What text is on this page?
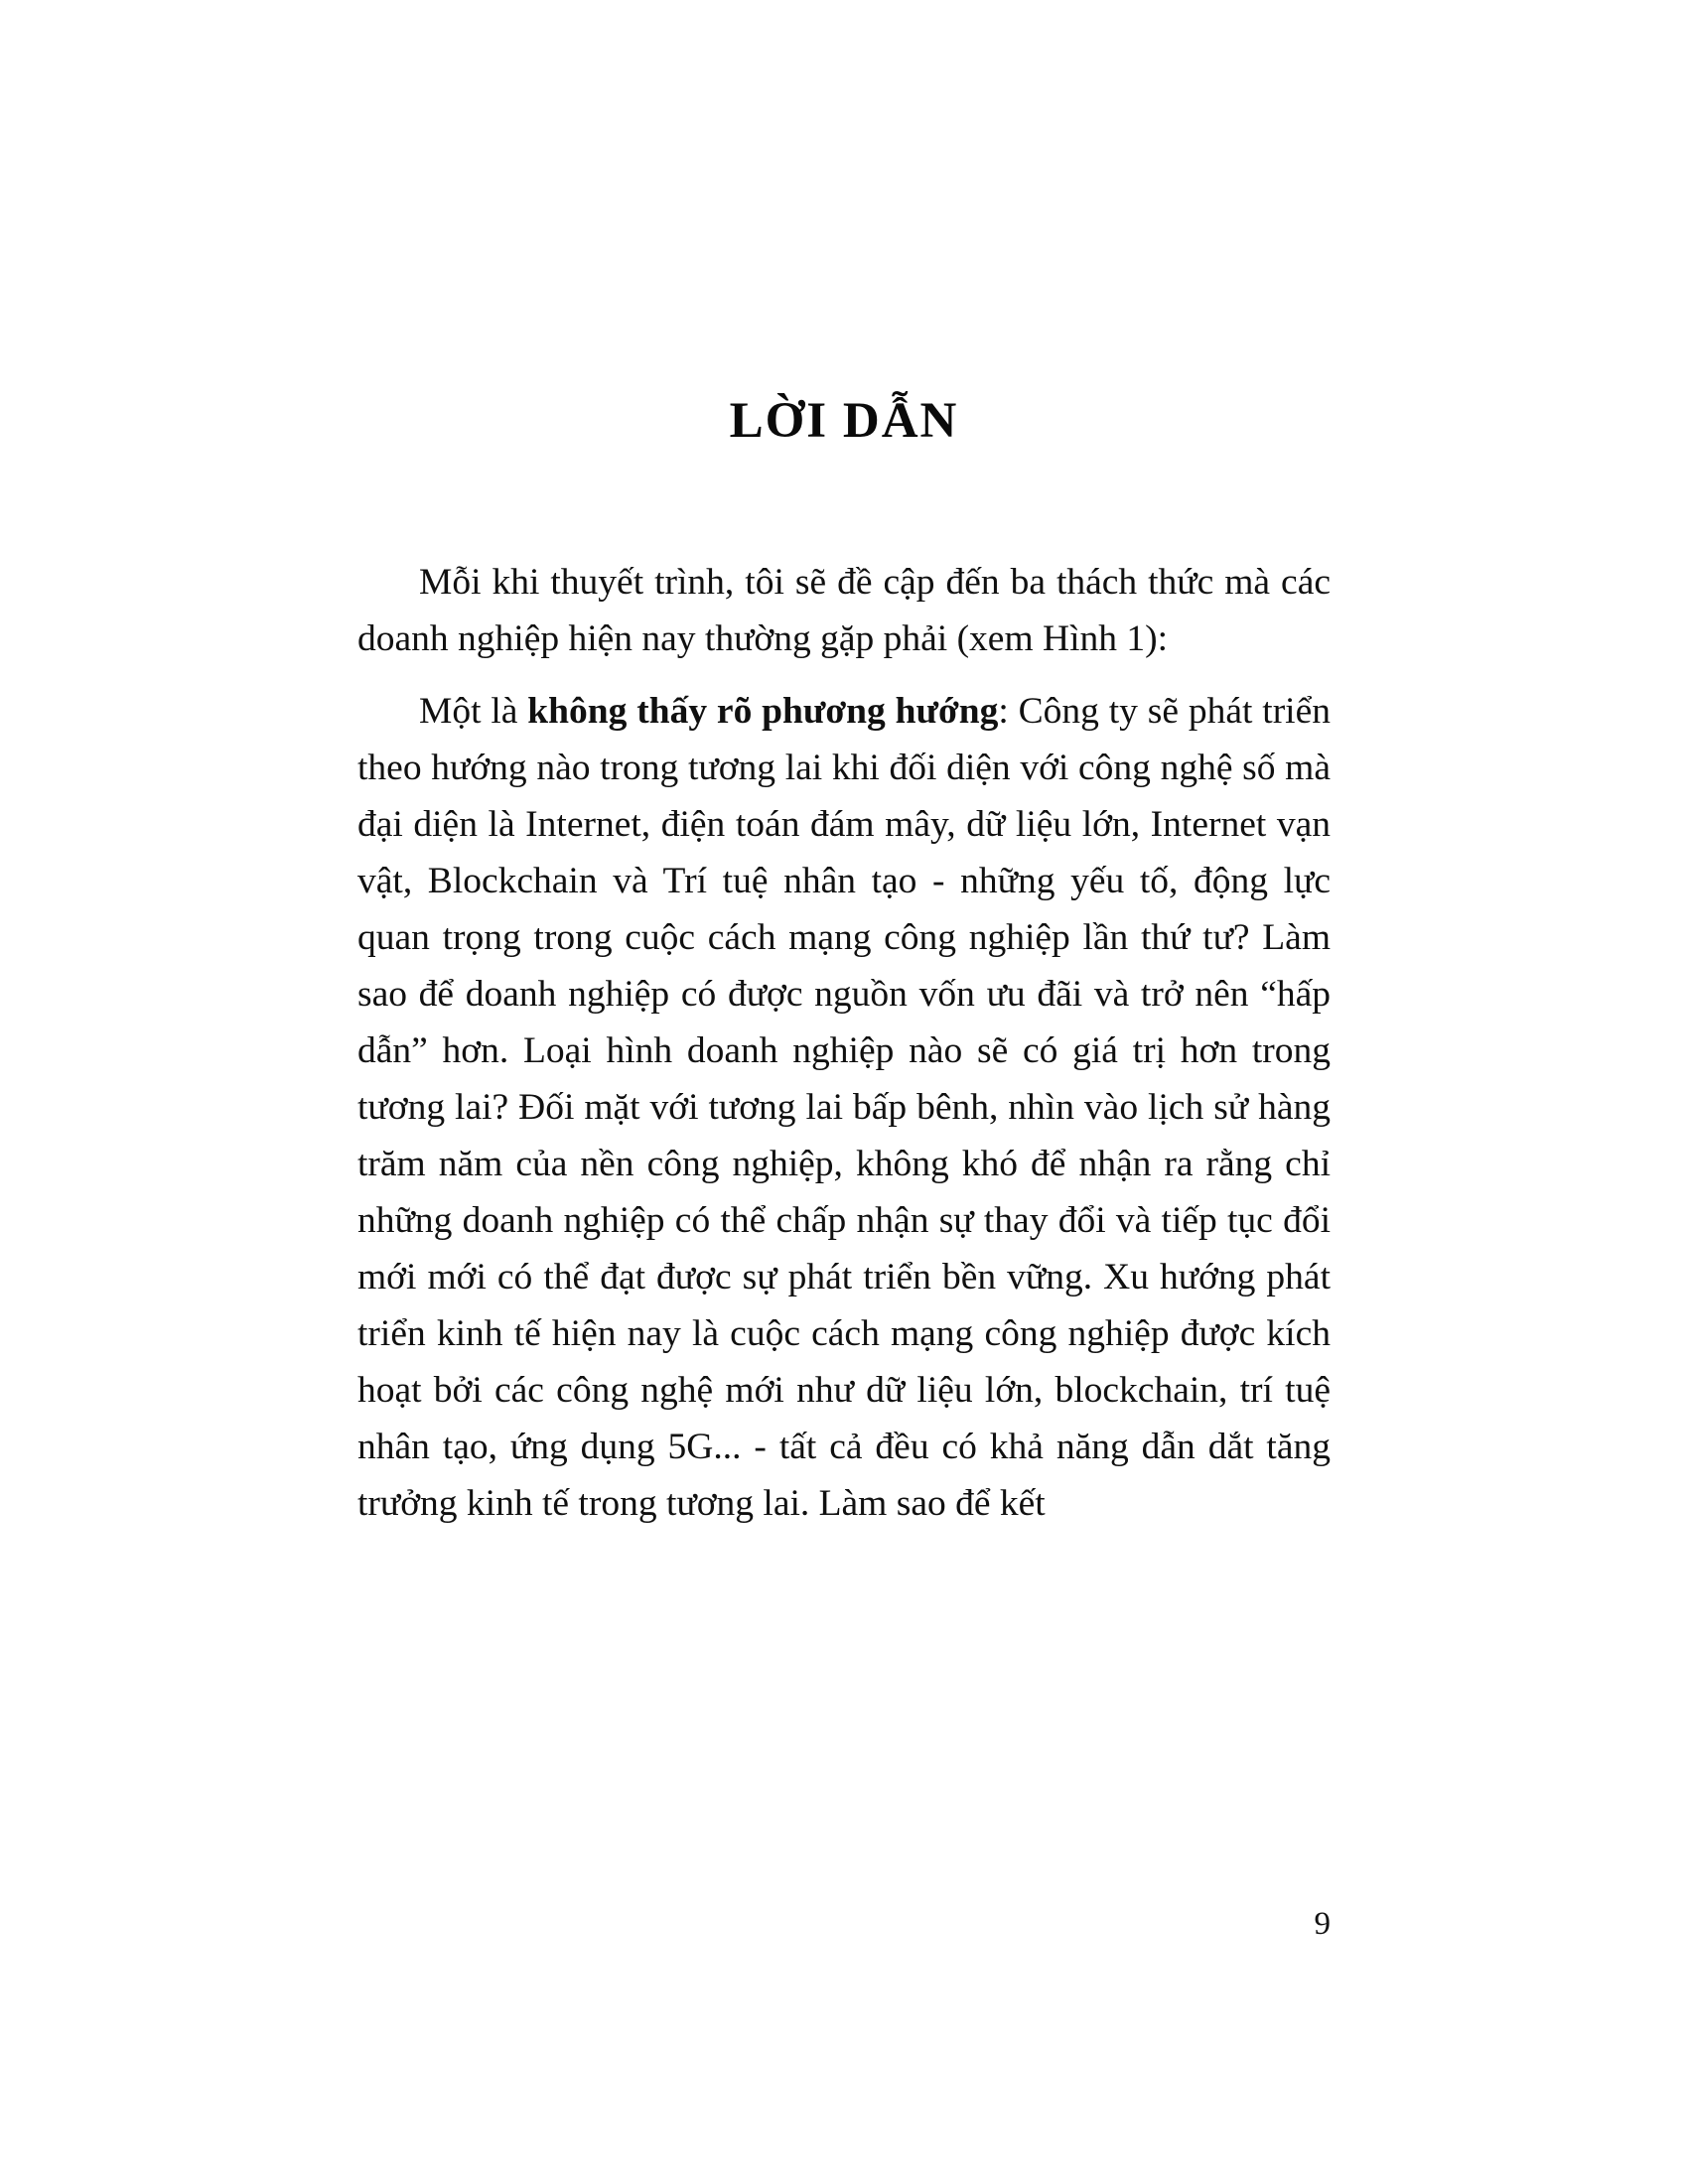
LỜI DẪN

Mỗi khi thuyết trình, tôi sẽ đề cập đến ba thách thức mà các doanh nghiệp hiện nay thường gặp phải (xem Hình 1):

Một là không thấy rõ phương hướng: Công ty sẽ phát triển theo hướng nào trong tương lai khi đối diện với công nghệ số mà đại diện là Internet, điện toán đám mây, dữ liệu lớn, Internet vạn vật, Blockchain và Trí tuệ nhân tạo - những yếu tố, động lực quan trọng trong cuộc cách mạng công nghiệp lần thứ tư? Làm sao để doanh nghiệp có được nguồn vốn ưu đãi và trở nên “hấp dẫn” hơn. Loại hình doanh nghiệp nào sẽ có giá trị hơn trong tương lai? Đối mặt với tương lai bấp bênh, nhìn vào lịch sử hàng trăm năm của nền công nghiệp, không khó để nhận ra rằng chỉ những doanh nghiệp có thể chấp nhận sự thay đổi và tiếp tục đổi mới mới có thể đạt được sự phát triển bền vững. Xu hướng phát triển kinh tế hiện nay là cuộc cách mạng công nghiệp được kích hoạt bởi các công nghệ mới như dữ liệu lớn, blockchain, trí tuệ nhân tạo, ứng dụng 5G... - tất cả đều có khả năng dẫn dắt tăng trưởng kinh tế trong tương lai. Làm sao để kết

9
